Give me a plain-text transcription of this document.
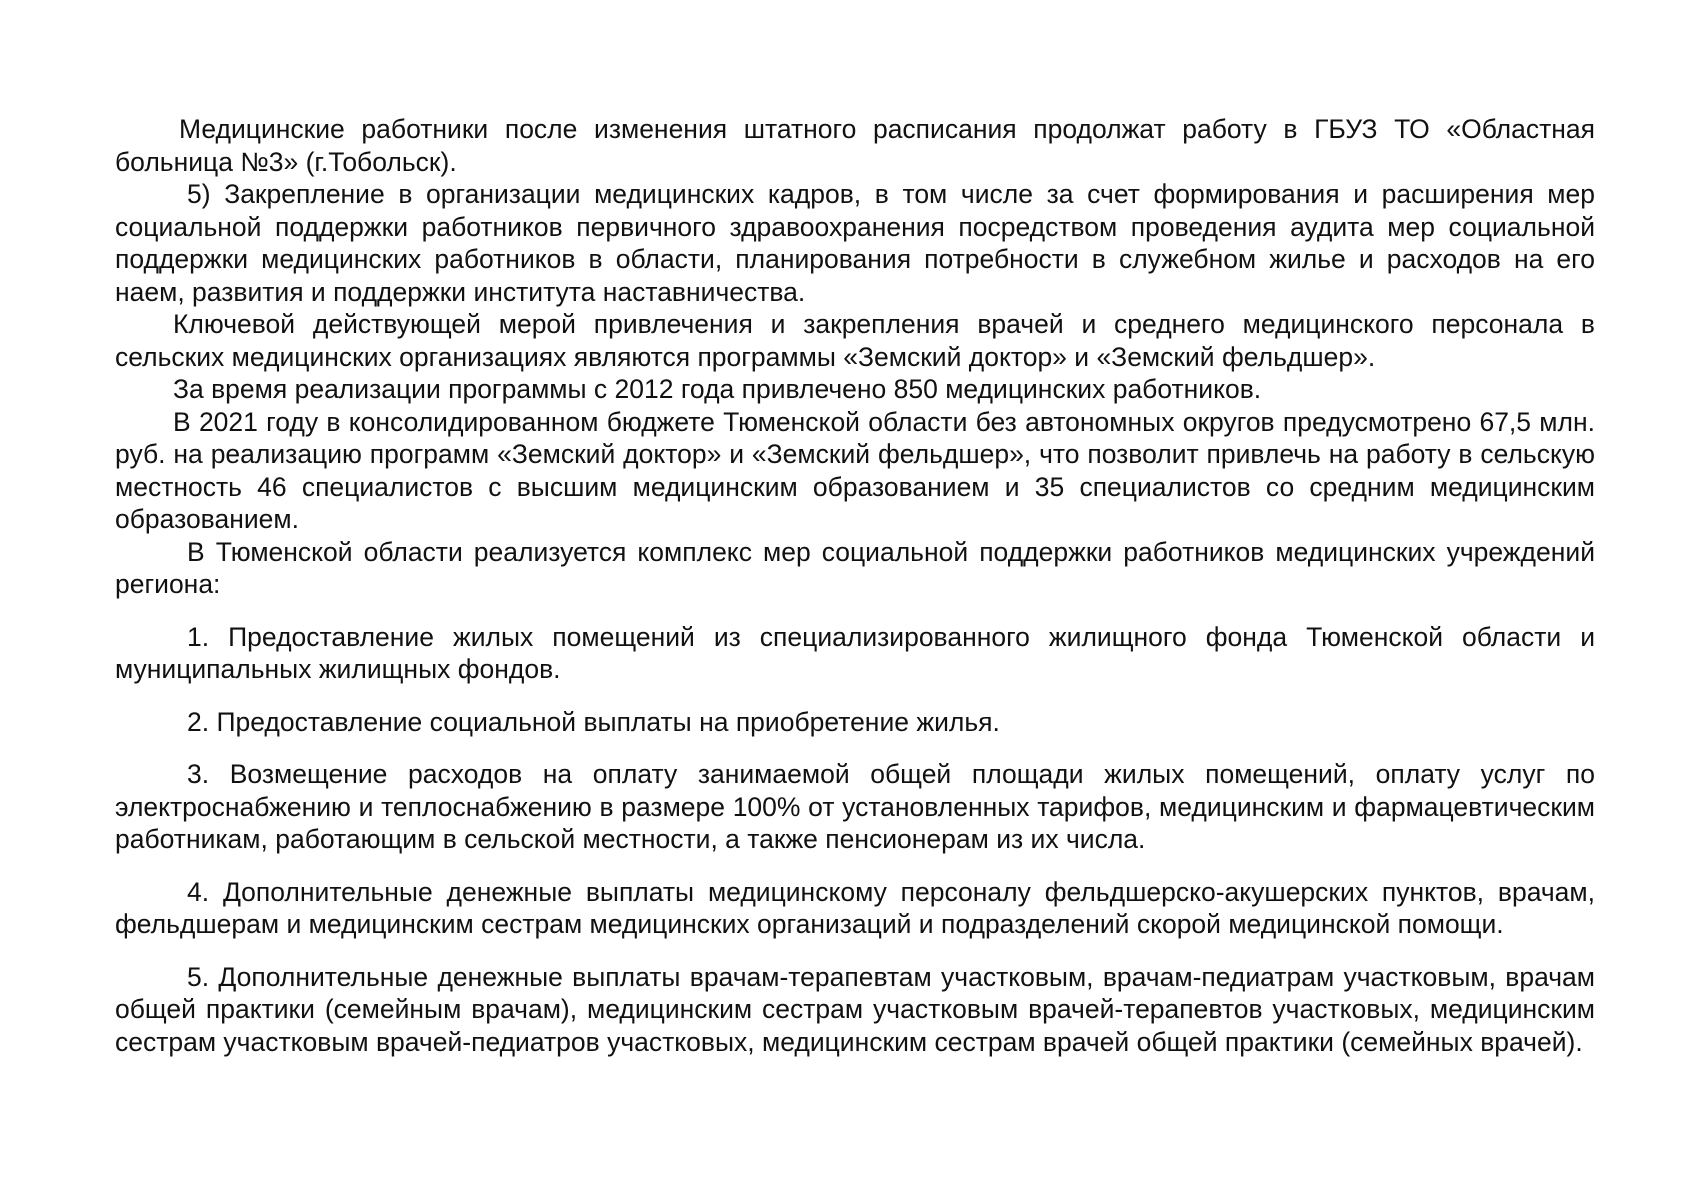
Медицинские работники после изменения штатного расписания продолжат работу в ГБУЗ ТО «Областная больница №3» (г.Тобольск).

5) Закрепление в организации медицинских кадров, в том числе за счет формирования и расширения мер социальной поддержки работников первичного здравоохранения посредством проведения аудита мер социальной поддержки медицинских работников в области, планирования потребности в служебном жилье и расходов на его наем, развития и поддержки института наставничества.

Ключевой действующей мерой привлечения и закрепления врачей и среднего медицинского персонала в сельских медицинских организациях являются программы «Земский доктор» и «Земский фельдшер».

За время реализации программы с 2012 года привлечено 850 медицинских работников.

В 2021 году в консолидированном бюджете Тюменской области без автономных округов предусмотрено 67,5 млн. руб. на реализацию программ «Земский доктор» и «Земский фельдшер», что позволит привлечь на работу в сельскую местность 46 специалистов с высшим медицинским образованием и 35 специалистов со средним медицинским образованием.

В Тюменской области реализуется комплекс мер социальной поддержки работников медицинских учреждений региона:

1. Предоставление жилых помещений из специализированного жилищного фонда Тюменской области и муниципальных жилищных фондов.

2. Предоставление социальной выплаты на приобретение жилья.

3. Возмещение расходов на оплату занимаемой общей площади жилых помещений, оплату услуг по электроснабжению и теплоснабжению в размере 100% от установленных тарифов, медицинским и фармацевтическим работникам, работающим в сельской местности, а также пенсионерам из их числа.

4. Дополнительные денежные выплаты медицинскому персоналу фельдшерско-акушерских пунктов, врачам, фельдшерам и медицинским сестрам медицинских организаций и подразделений скорой медицинской помощи.

5. Дополнительные денежные выплаты врачам-терапевтам участковым, врачам-педиатрам участковым, врачам общей практики (семейным врачам), медицинским сестрам участковым врачей-терапевтов участковых, медицинским сестрам участковым врачей-педиатров участковых, медицинским сестрам врачей общей практики (семейных врачей).
